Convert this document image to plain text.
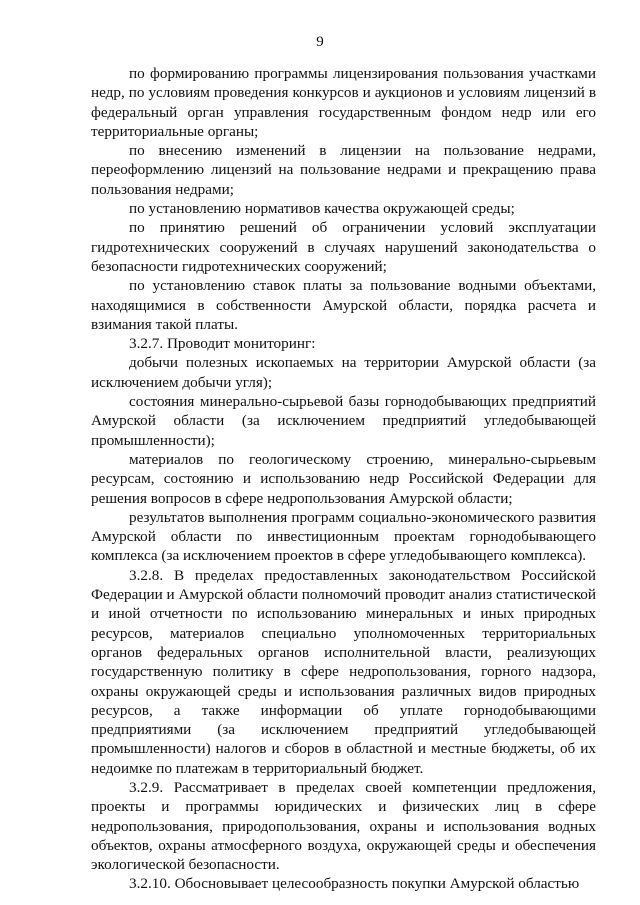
9

по формированию программы лицензирования пользования участками недр, по условиям проведения конкурсов и аукционов и условиям лицензий в федеральный орган управления государственным фондом недр или его территориальные органы;

по внесению изменений в лицензии на пользование недрами, переоформлению лицензий на пользование недрами и прекращению права пользования недрами;

по установлению нормативов качества окружающей среды;

по принятию решений об ограничении условий эксплуатации гидротехнических сооружений в случаях нарушений законодательства о безопасности гидротехнических сооружений;

по установлению ставок платы за пользование водными объектами, находящимися в собственности Амурской области, порядка расчета и взимания такой платы.

3.2.7. Проводит мониторинг:

добычи полезных ископаемых на территории Амурской области (за исключением добычи угля);

состояния минерально-сырьевой базы горнодобывающих предприятий Амурской области (за исключением предприятий угледобывающей промышленности);

материалов по геологическому строению, минерально-сырьевым ресурсам, состоянию и использованию недр Российской Федерации для решения вопросов в сфере недропользования Амурской области;

результатов выполнения программ социально-экономического развития Амурской области по инвестиционным проектам горнодобывающего комплекса (за исключением проектов в сфере угледобывающего комплекса).

3.2.8. В пределах предоставленных законодательством Российской Федерации и Амурской области полномочий проводит анализ статистической и иной отчетности по использованию минеральных и иных природных ресурсов, материалов специально уполномоченных территориальных органов федеральных органов исполнительной власти, реализующих государственную политику в сфере недропользования, горного надзора, охраны окружающей среды и использования различных видов природных ресурсов, а также информации об уплате горнодобывающими предприятиями (за исключением предприятий угледобывающей промышленности) налогов и сборов в областной и местные бюджеты, об их недоимке по платежам в территориальный бюджет.

3.2.9. Рассматривает в пределах своей компетенции предложения, проекты и программы юридических и физических лиц в сфере недропользования, природопользования, охраны и использования водных объектов, охраны атмосферного воздуха, окружающей среды и обеспечения экологической безопасности.

3.2.10. Обосновывает целесообразность покупки Амурской областью
